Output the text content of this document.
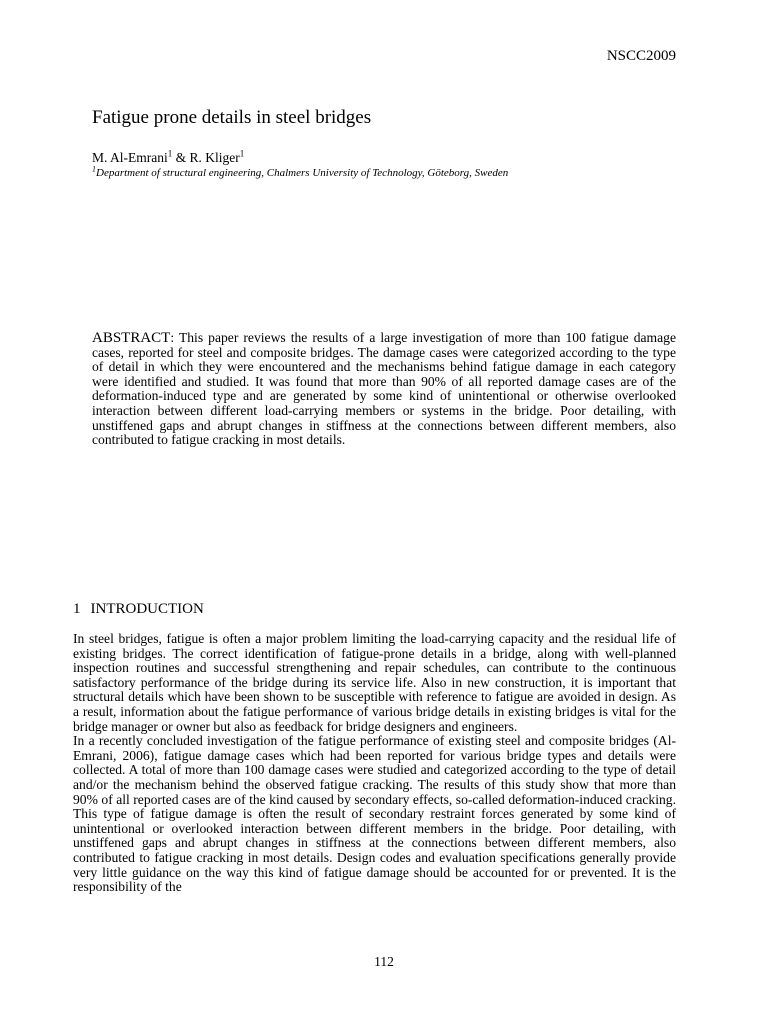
NSCC2009
Fatigue prone details in steel bridges
M. Al-Emrani$^1$ & R. Kliger$^1$
$^1$Department of structural engineering, Chalmers University of Technology, Göteborg, Sweden
ABSTRACT: This paper reviews the results of a large investigation of more than 100 fatigue damage cases, reported for steel and composite bridges. The damage cases were categorized according to the type of detail in which they were encountered and the mechanisms behind fatigue damage in each category were identified and studied. It was found that more than 90% of all reported damage cases are of the deformation-induced type and are generated by some kind of unintentional or otherwise overlooked interaction between different load-carrying members or systems in the bridge. Poor detailing, with unstiffened gaps and abrupt changes in stiffness at the connections between different members, also contributed to fatigue cracking in most details.
1 INTRODUCTION

In steel bridges, fatigue is often a major problem limiting the load-carrying capacity and the residual life of existing bridges. The correct identification of fatigue-prone details in a bridge, along with well-planned inspection routines and successful strengthening and repair schedules, can contribute to the continuous satisfactory performance of the bridge during its service life. Also in new construction, it is important that structural details which have been shown to be susceptible with reference to fatigue are avoided in design. As a result, information about the fatigue performance of various bridge details in existing bridges is vital for the bridge manager or owner but also as feedback for bridge designers and engineers.

In a recently concluded investigation of the fatigue performance of existing steel and composite bridges (Al-Emrani, 2006), fatigue damage cases which had been reported for various bridge types and details were collected. A total of more than 100 damage cases were studied and categorized according to the type of detail and/or the mechanism behind the observed fatigue cracking. The results of this study show that more than 90% of all reported cases are of the kind caused by secondary effects, so-called deformation-induced cracking. This type of fatigue damage is often the result of secondary restraint forces generated by some kind of unintentional or overlooked interaction between different members in the bridge. Poor detailing, with unstiffened gaps and abrupt changes in stiffness at the connections between different members, also contributed to fatigue cracking in most details. Design codes and evaluation specifications generally provide very little guidance on the way this kind of fatigue damage should be accounted for or prevented. It is the responsibility of the

112
